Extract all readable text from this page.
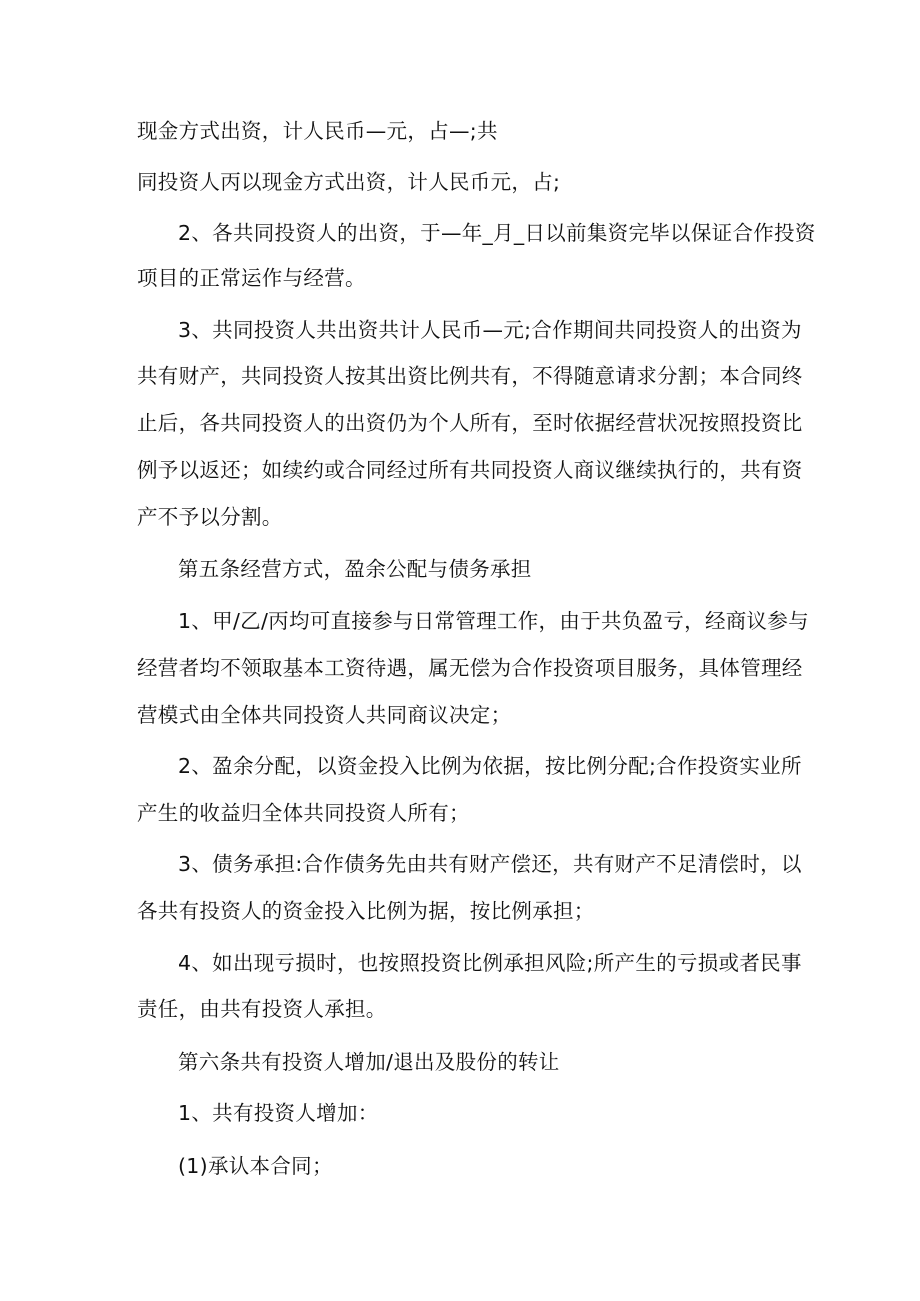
现金方式出资，计人民币—元，占—;共
同投资人丙以现金方式出资，计人民币元，占;
2、各共同投资人的出资，于—年_月_日以前集资完毕以保证合作投资
项目的正常运作与经营。
3、共同投资人共出资共计人民币—元;合作期间共同投资人的出资为
共有财产，共同投资人按其出资比例共有，不得随意请求分割；本合同终
止后，各共同投资人的出资仍为个人所有，至时依据经营状况按照投资比
例予以返还；如续约或合同经过所有共同投资人商议继续执行的，共有资
产不予以分割。
第五条经营方式，盈余公配与债务承担
1、甲/乙/丙均可直接参与日常管理工作，由于共负盈亏，经商议参与
经营者均不领取基本工资待遇，属无偿为合作投资项目服务，具体管理经
营模式由全体共同投资人共同商议决定；
2、盈余分配，以资金投入比例为依据，按比例分配;合作投资实业所
产生的收益归全体共同投资人所有；
3、债务承担:合作债务先由共有财产偿还，共有财产不足清偿时，以
各共有投资人的资金投入比例为据，按比例承担；
4、如出现亏损时，也按照投资比例承担风险;所产生的亏损或者民事
责任，由共有投资人承担。
第六条共有投资人增加/退出及股份的转让
1、共有投资人增加：
(1)承认本合同；
